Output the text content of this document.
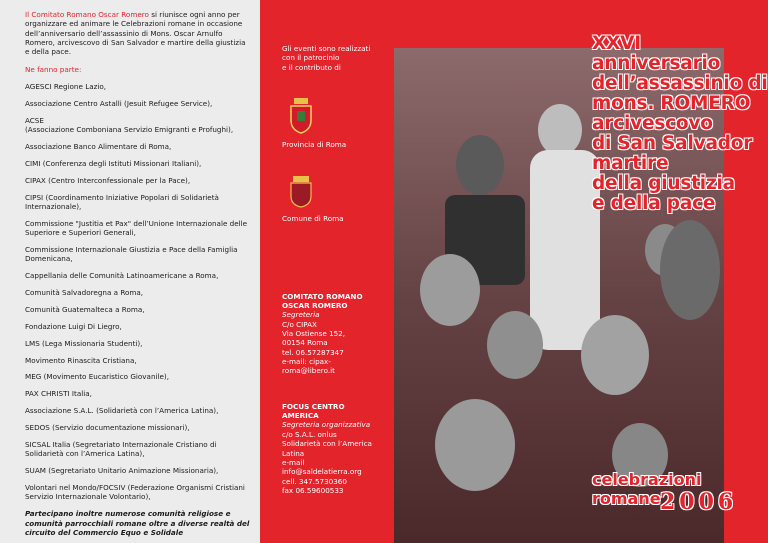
Il Comitato Romano Oscar Romero si riunisce ogni anno per organizzare ed animare le Celebrazioni romane in occasione dell’anniversario dell’assassinio di Mons. Oscar Arnulfo Romero, arcivescovo di San Salvador e martire della giustizia e della pace.

Ne fanno parte:
AGESCI Regione Lazio,
Associazione Centro Astalli (Jesuit Refugee Service),
ACSE
(Associazione Comboniana Servizio Emigranti e Profughi),
Associazione Banco Alimentare di Roma,
CIMI (Conferenza degli Istituti Missionari Italiani),
CIPAX (Centro Interconfessionale per la Pace),
CIPSI (Coordinamento Iniziative Popolari di Solidarietà Internazionale),
Commissione "Justitia et Pax" dell’Unione Internazionale delle Superiore e Superiori Generali,
Commissione Internazionale Giustizia e Pace della Famiglia Domenicana,
Cappellania delle Comunità Latinoamericane a Roma,
Comunità Salvadoregna a Roma,
Comunità Guatemalteca a Roma,
Fondazione Luigi Di Liegro,
LMS (Lega Missionaria Studenti),
Movimento Rinascita Cristiana,
MEG (Movimento Eucaristico Giovanile),
PAX CHRISTI Italia,
Associazione S.A.L. (Solidarietà con l’America Latina),
SEDOS (Servizio documentazione missionari),
SICSAL Italia (Segretariato Internazionale Cristiano di Solidarietà con l’America Latina),
SUAM (Segretariato Unitario Animazione Missionaria),
Volontari nel Mondo/FOCSIV (Federazione Organismi Cristiani Servizio Internazionale Volontario),
Partecipano inoltre numerose comunità religiose e comunità parrocchiali romane oltre a diverse realtà del circuito del Commercio Equo e Solidale
Gli eventi sono realizzati
con il patrocinio
e il contributo di
Provincia di Roma
Comune di Roma
COMITATO ROMANO
OSCAR ROMERO
Segreteria
C/o CIPAX
Via Ostiense 152,
00154 Roma
tel. 06.57287347
e-mail: cipax-roma@libero.it
FOCUS CENTRO AMERICA
Segreteria organizzativa
c/o S.A.L. onlus
Solidarietà con l’America Latina
e-mail info@saldelatierra.org
cell. 347.5730360
fax 06.59600533
XXVI anniversario
dell’assassinio di
mons. ROMERO
arcivescovo
di San Salvador
martire
della giustizia
e della pace
celebrazioni romane 2006
